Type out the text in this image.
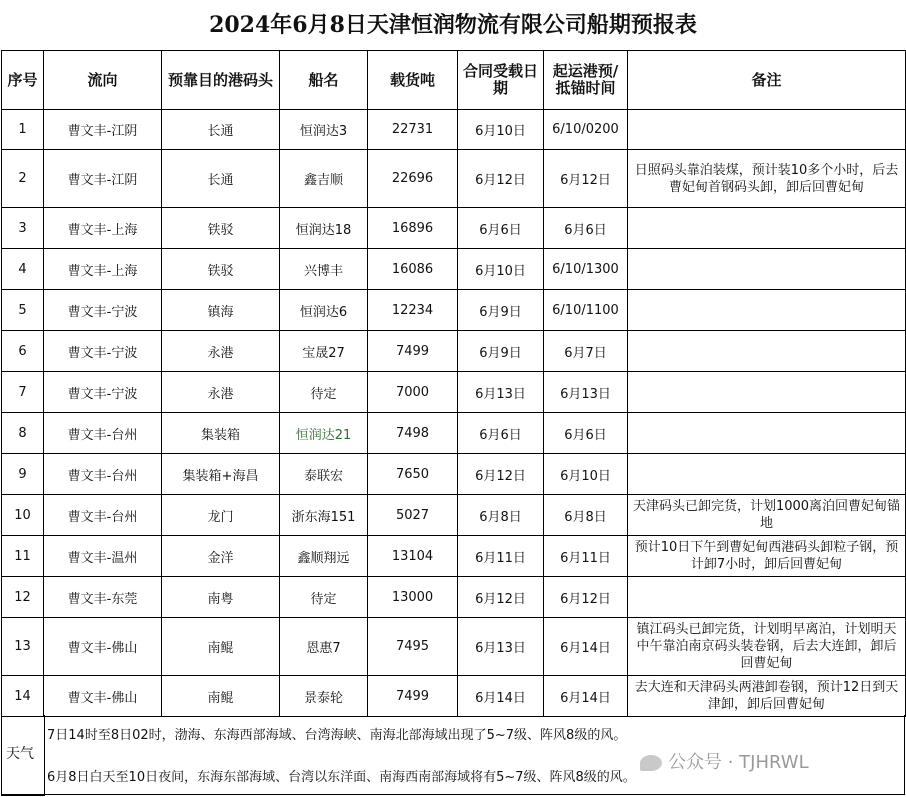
2024年6月8日天津恒润物流有限公司船期预报表
序号	流向	预靠目的港码头	船名	载货吨	合同受载日期	起运港预/抵锚时间	备注
1	曹文丰-江阴	长通	恒润达3	22731	6月10日	6/10/0200	
2	曹文丰-江阴	长通	鑫吉顺	22696	6月12日	6月12日	日照码头靠泊装煤，预计装10多个小时，后去曹妃甸首钢码头卸，卸后回曹妃甸
3	曹文丰-上海	铁驳	恒润达18	16896	6月6日	6月6日	
4	曹文丰-上海	铁驳	兴博丰	16086	6月10日	6/10/1300	
5	曹文丰-宁波	镇海	恒润达6	12234	6月9日	6/10/1100	
6	曹文丰-宁波	永港	宝晟27	7499	6月9日	6月7日	
7	曹文丰-宁波	永港	待定	7000	6月13日	6月13日	
8	曹文丰-台州	集装箱	恒润达21	7498	6月6日	6月6日	
9	曹文丰-台州	集装箱+海昌	泰联宏	7650	6月12日	6月10日	
10	曹文丰-台州	龙门	浙东海151	5027	6月8日	6月8日	天津码头已卸完货，计划1000离泊回曹妃甸锚地
11	曹文丰-温州	金洋	鑫顺翔远	13104	6月11日	6月11日	预计10日下午到曹妃甸西港码头卸粒子钢，预计卸7小时，卸后回曹妃甸
12	曹文丰-东莞	南粤	待定	13000	6月12日	6月12日	
13	曹文丰-佛山	南鲲	恩惠7	7495	6月13日	6月14日	镇江码头已卸完货，计划明早离泊，计划明天中午靠泊南京码头装卷钢，后去大连卸，卸后回曹妃甸
14	曹文丰-佛山	南鲲	景泰轮	7499	6月14日	6月14日	去大连和天津码头两港卸卷钢，预计12日到天津卸，卸后回曹妃甸
天气
7日14时至8日02时，渤海、东海西部海域、台湾海峡、南海北部海域出现了5~7级、阵风8级的风。
6月8日白天至10日夜间，东海东部海域、台湾以东洋面、南海西南部海域将有5~7级、阵风8级的风。
公众号 · TJHRWL
